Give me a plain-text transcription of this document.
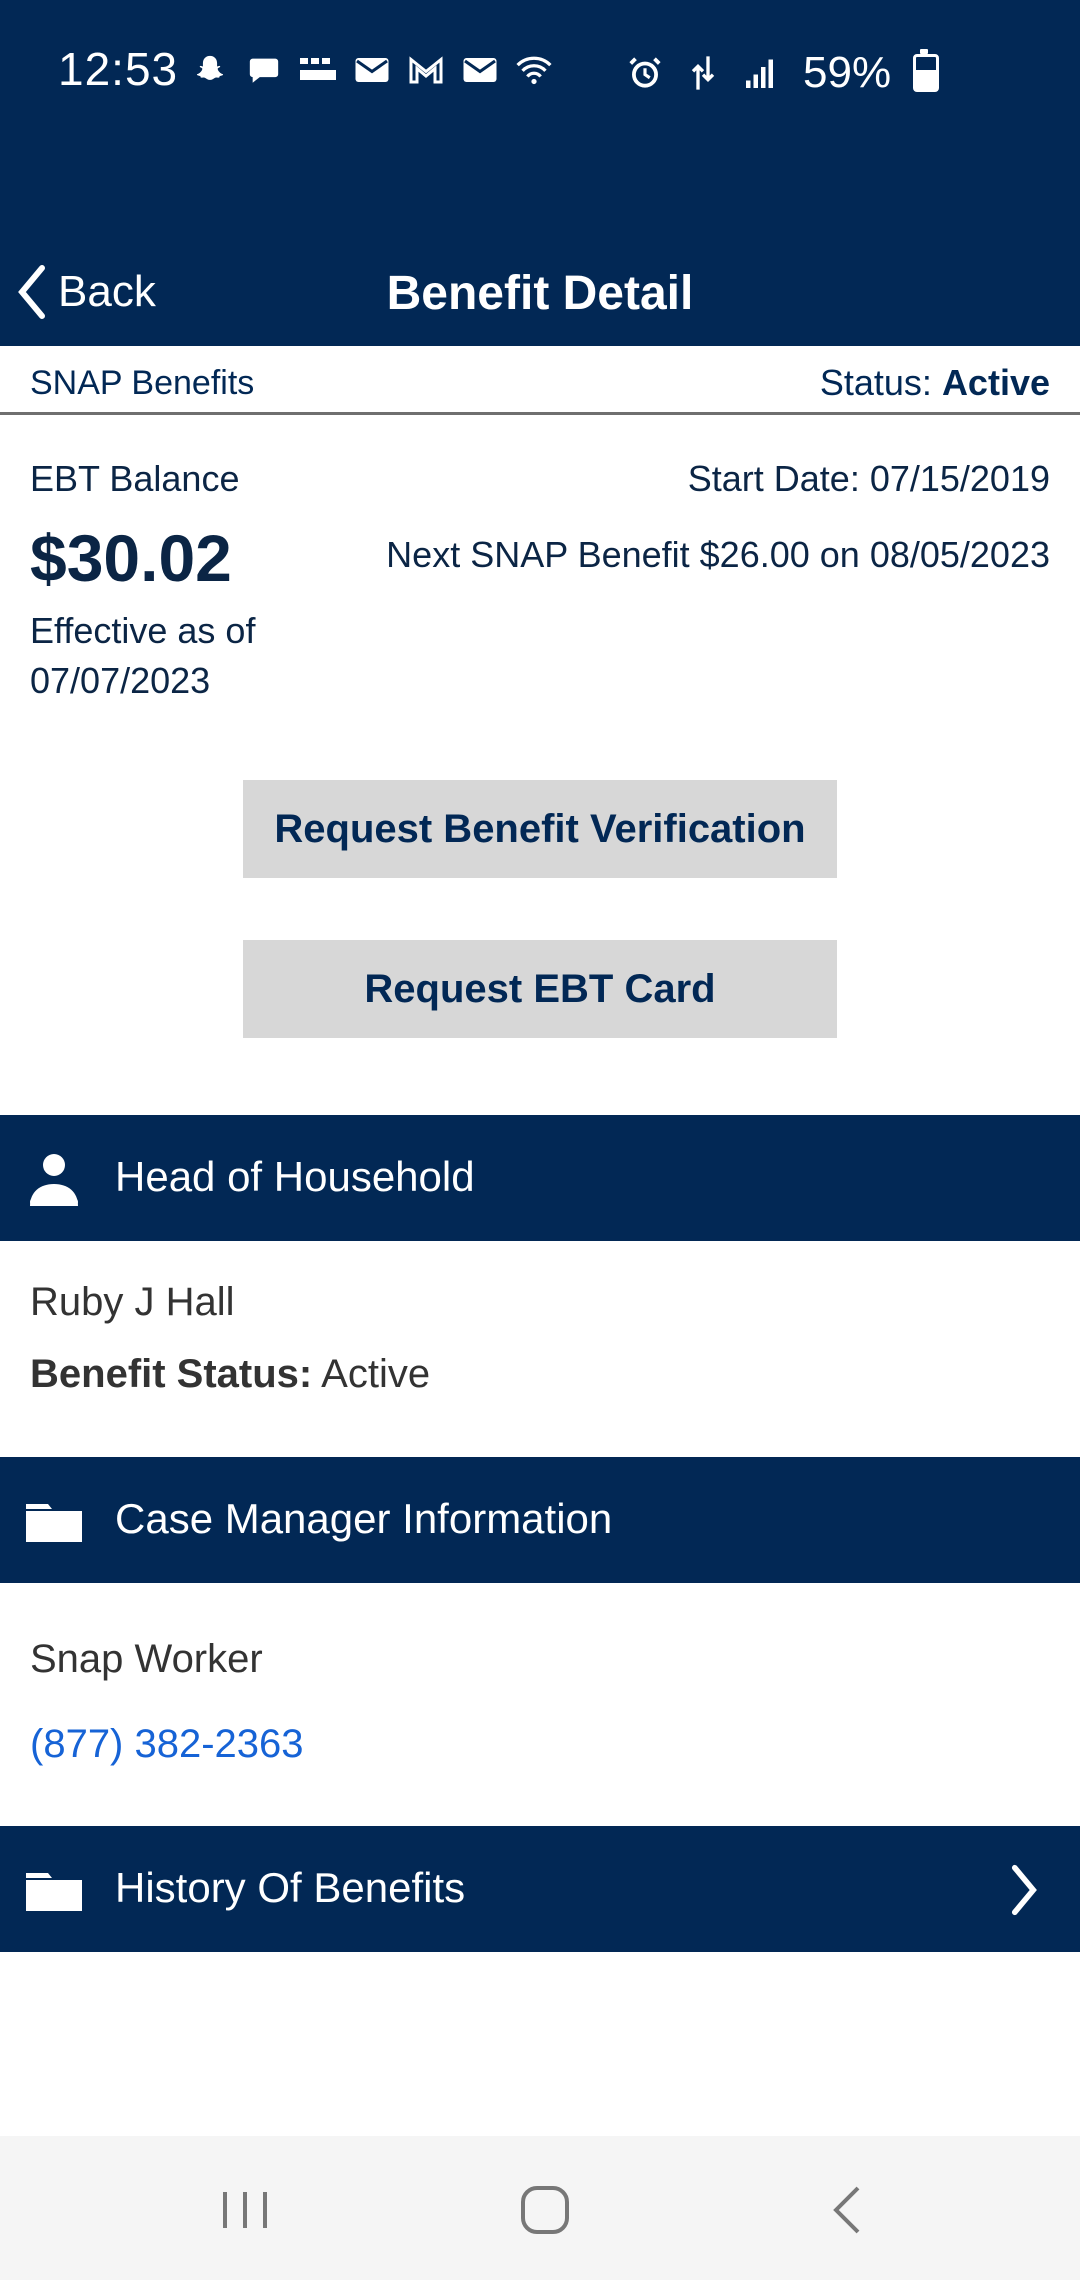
12:53	59%
Back	Benefit Detail
SNAP Benefits	Status: Active
EBT Balance
$30.02
Effective as of
07/07/2023
Start Date: 07/15/2019
Next SNAP Benefit $26.00 on 08/05/2023
Request Benefit Verification
Request EBT Card
Head of Household
Ruby J Hall
Benefit Status: Active
Case Manager Information
Snap Worker
(877) 382-2363
History Of Benefits
